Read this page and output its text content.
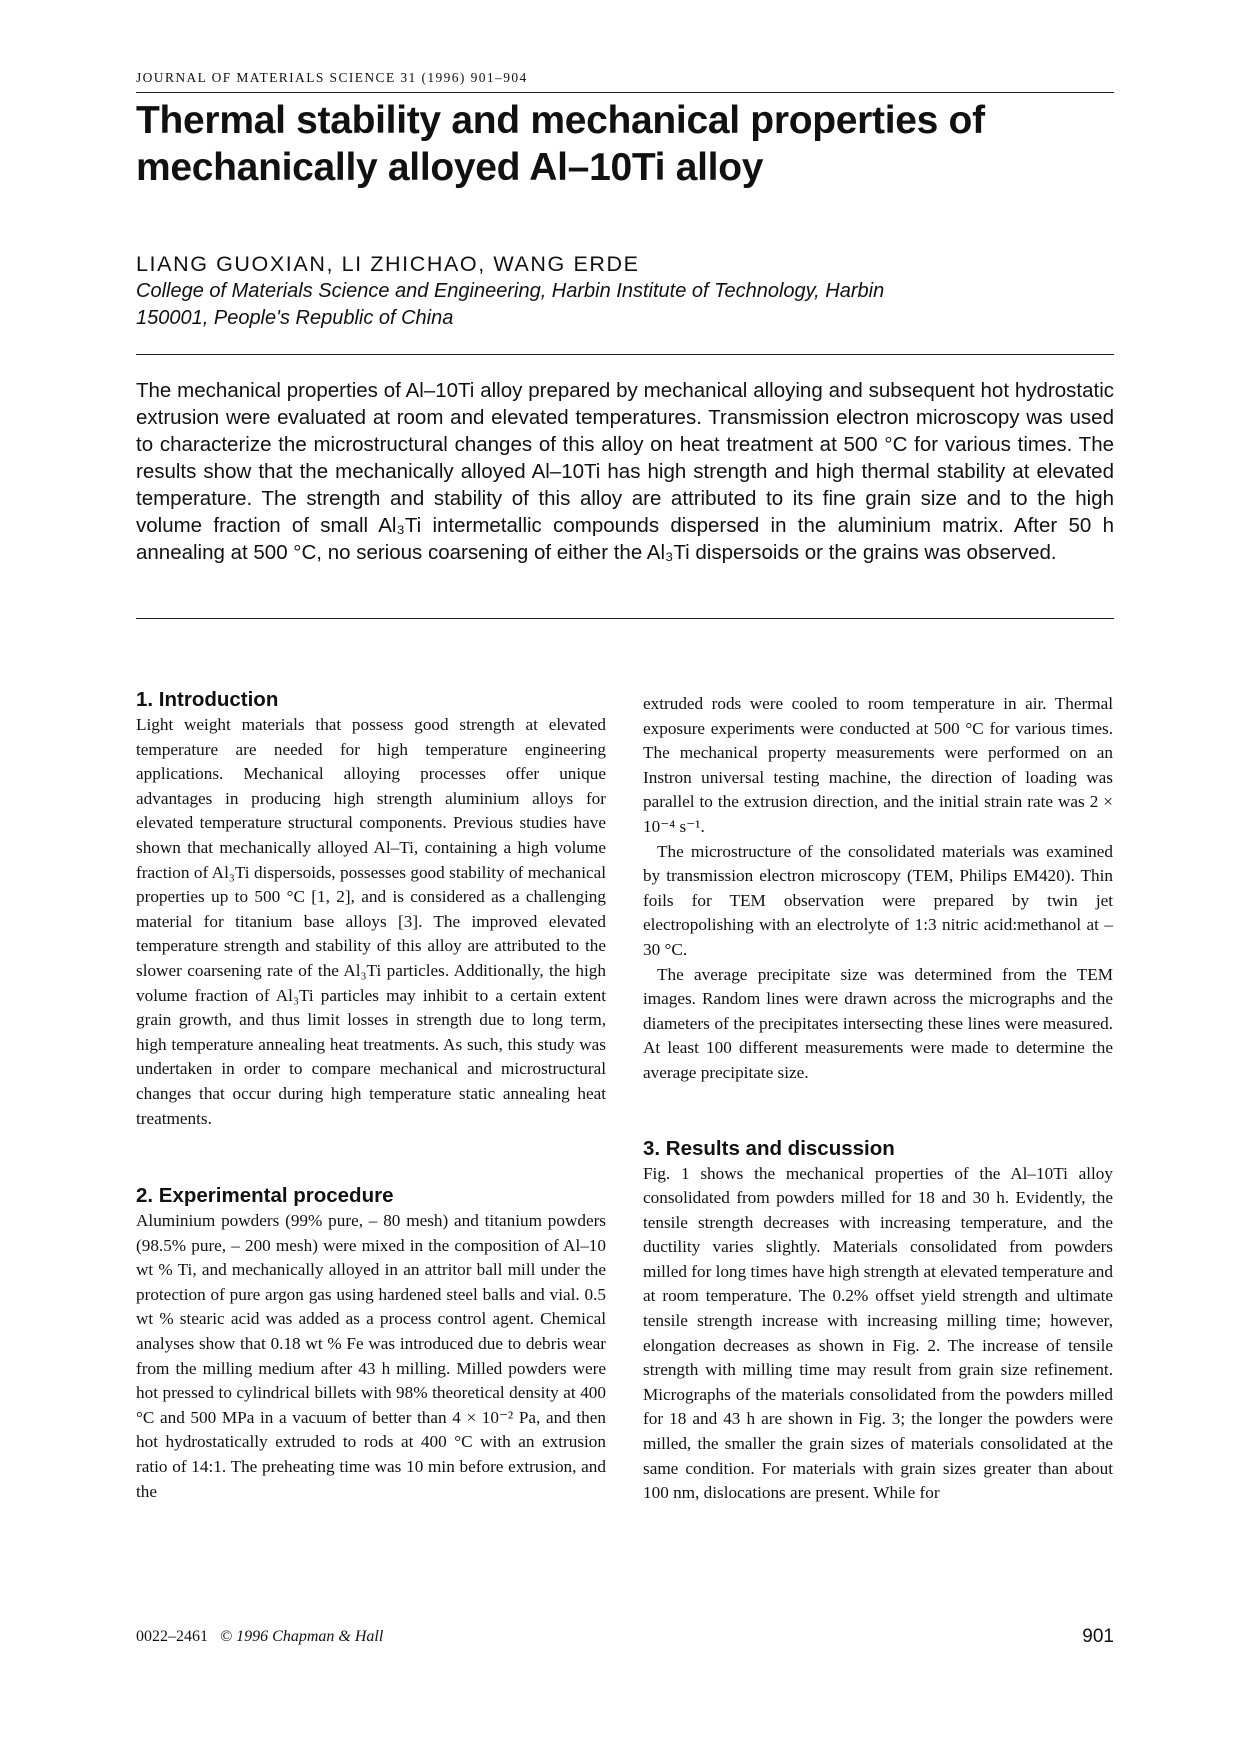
JOURNAL OF MATERIALS SCIENCE 31 (1996) 901–904
Thermal stability and mechanical properties of
mechanically alloyed Al–10Ti alloy
LIANG GUOXIAN, LI ZHICHAO, WANG ERDE
College of Materials Science and Engineering, Harbin Institute of Technology, Harbin
150001, People's Republic of China
The mechanical properties of Al–10Ti alloy prepared by mechanical alloying and subsequent hot hydrostatic extrusion were evaluated at room and elevated temperatures. Transmission electron microscopy was used to characterize the microstructural changes of this alloy on heat treatment at 500 °C for various times. The results show that the mechanically alloyed Al–10Ti has high strength and high thermal stability at elevated temperature. The strength and stability of this alloy are attributed to its fine grain size and to the high volume fraction of small Al₃Ti intermetallic compounds dispersed in the aluminium matrix. After 50 h annealing at 500 °C, no serious coarsening of either the Al₃Ti dispersoids or the grains was observed.
1. Introduction

Light weight materials that possess good strength at elevated temperature are needed for high temperature engineering applications. Mechanical alloying processes offer unique advantages in producing high strength aluminium alloys for elevated temperature structural components. Previous studies have shown that mechanically alloyed Al–Ti, containing a high volume fraction of Al₃Ti dispersoids, possesses good stability of mechanical properties up to 500 °C [1, 2], and is considered as a challenging material for titanium base alloys [3]. The improved elevated temperature strength and stability of this alloy are attributed to the slower coarsening rate of the Al₃Ti particles. Additionally, the high volume fraction of Al₃Ti particles may inhibit to a certain extent grain growth, and thus limit losses in strength due to long term, high temperature annealing heat treatments. As such, this study was undertaken in order to compare mechanical and microstructural changes that occur during high temperature static annealing heat treatments.

2. Experimental procedure

Aluminium powders (99% pure, – 80 mesh) and titanium powders (98.5% pure, – 200 mesh) were mixed in the composition of Al–10 wt % Ti, and mechanically alloyed in an attritor ball mill under the protection of pure argon gas using hardened steel balls and vial. 0.5 wt % stearic acid was added as a process control agent. Chemical analyses show that 0.18 wt % Fe was introduced due to debris wear from the milling medium after 43 h milling. Milled powders were hot pressed to cylindrical billets with 98% theoretical density at 400 °C and 500 MPa in a vacuum of better than 4 × 10⁻² Pa, and then hot hydrostatically extruded to rods at 400 °C with an extrusion ratio of 14:1. The preheating time was 10 min before extrusion, and the

extruded rods were cooled to room temperature in air. Thermal exposure experiments were conducted at 500 °C for various times. The mechanical property measurements were performed on an Instron universal testing machine, the direction of loading was parallel to the extrusion direction, and the initial strain rate was 2 × 10⁻⁴ s⁻¹.

The microstructure of the consolidated materials was examined by transmission electron microscopy (TEM, Philips EM420). Thin foils for TEM observation were prepared by twin jet electropolishing with an electrolyte of 1:3 nitric acid:methanol at – 30 °C.

The average precipitate size was determined from the TEM images. Random lines were drawn across the micrographs and the diameters of the precipitates intersecting these lines were measured. At least 100 different measurements were made to determine the average precipitate size.

3. Results and discussion

Fig. 1 shows the mechanical properties of the Al–10Ti alloy consolidated from powders milled for 18 and 30 h. Evidently, the tensile strength decreases with increasing temperature, and the ductility varies slightly. Materials consolidated from powders milled for long times have high strength at elevated temperature and at room temperature. The 0.2% offset yield strength and ultimate tensile strength increase with increasing milling time; however, elongation decreases as shown in Fig. 2. The increase of tensile strength with milling time may result from grain size refinement. Micrographs of the materials consolidated from the powders milled for 18 and 43 h are shown in Fig. 3; the longer the powders were milled, the smaller the grain sizes of materials consolidated at the same condition. For materials with grain sizes greater than about 100 nm, dislocations are present. While for

0022–2461 © 1996 Chapman & Hall	901
